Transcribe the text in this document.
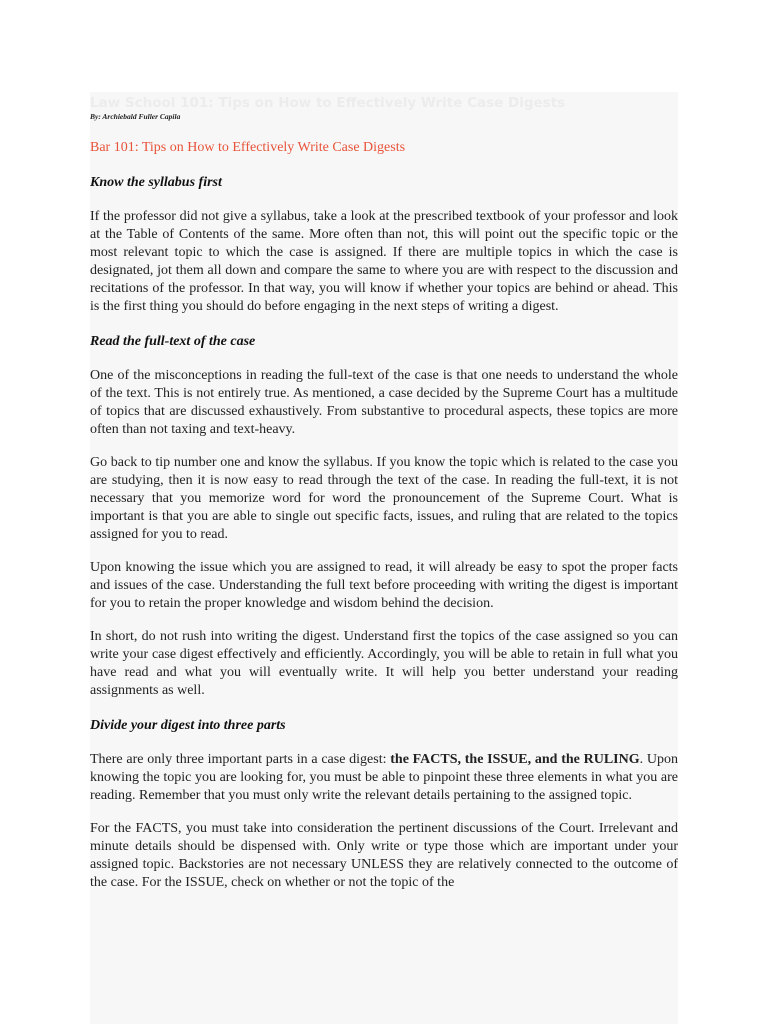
Law School 101: Tips on How to Effectively Write Case Digests
By: Archiebald Fuller Capila
Bar 101: Tips on How to Effectively Write Case Digests
Know the syllabus first

If the professor did not give a syllabus, take a look at the prescribed textbook of your professor and look at the Table of Contents of the same. More often than not, this will point out the specific topic or the most relevant topic to which the case is assigned. If there are multiple topics in which the case is designated, jot them all down and compare the same to where you are with respect to the discussion and recitations of the professor. In that way, you will know if whether your topics are behind or ahead. This is the first thing you should do before engaging in the next steps of writing a digest.

Read the full-text of the case

One of the misconceptions in reading the full-text of the case is that one needs to understand the whole of the text. This is not entirely true. As mentioned, a case decided by the Supreme Court has a multitude of topics that are discussed exhaustively. From substantive to procedural aspects, these topics are more often than not taxing and text-heavy.

Go back to tip number one and know the syllabus. If you know the topic which is related to the case you are studying, then it is now easy to read through the text of the case. In reading the full-text, it is not necessary that you memorize word for word the pronouncement of the Supreme Court. What is important is that you are able to single out specific facts, issues, and ruling that are related to the topics assigned for you to read.

Upon knowing the issue which you are assigned to read, it will already be easy to spot the proper facts and issues of the case. Understanding the full text before proceeding with writing the digest is important for you to retain the proper knowledge and wisdom behind the decision.

In short, do not rush into writing the digest. Understand first the topics of the case assigned so you can write your case digest effectively and efficiently. Accordingly, you will be able to retain in full what you have read and what you will eventually write. It will help you better understand your reading assignments as well.

Divide your digest into three parts

There are only three important parts in a case digest: the FACTS, the ISSUE, and the RULING. Upon knowing the topic you are looking for, you must be able to pinpoint these three elements in what you are reading. Remember that you must only write the relevant details pertaining to the assigned topic.

For the FACTS, you must take into consideration the pertinent discussions of the Court. Irrelevant and minute details should be dispensed with. Only write or type those which are important under your assigned topic. Backstories are not necessary UNLESS they are relatively connected to the outcome of the case. For the ISSUE, check on whether or not the topic of the
